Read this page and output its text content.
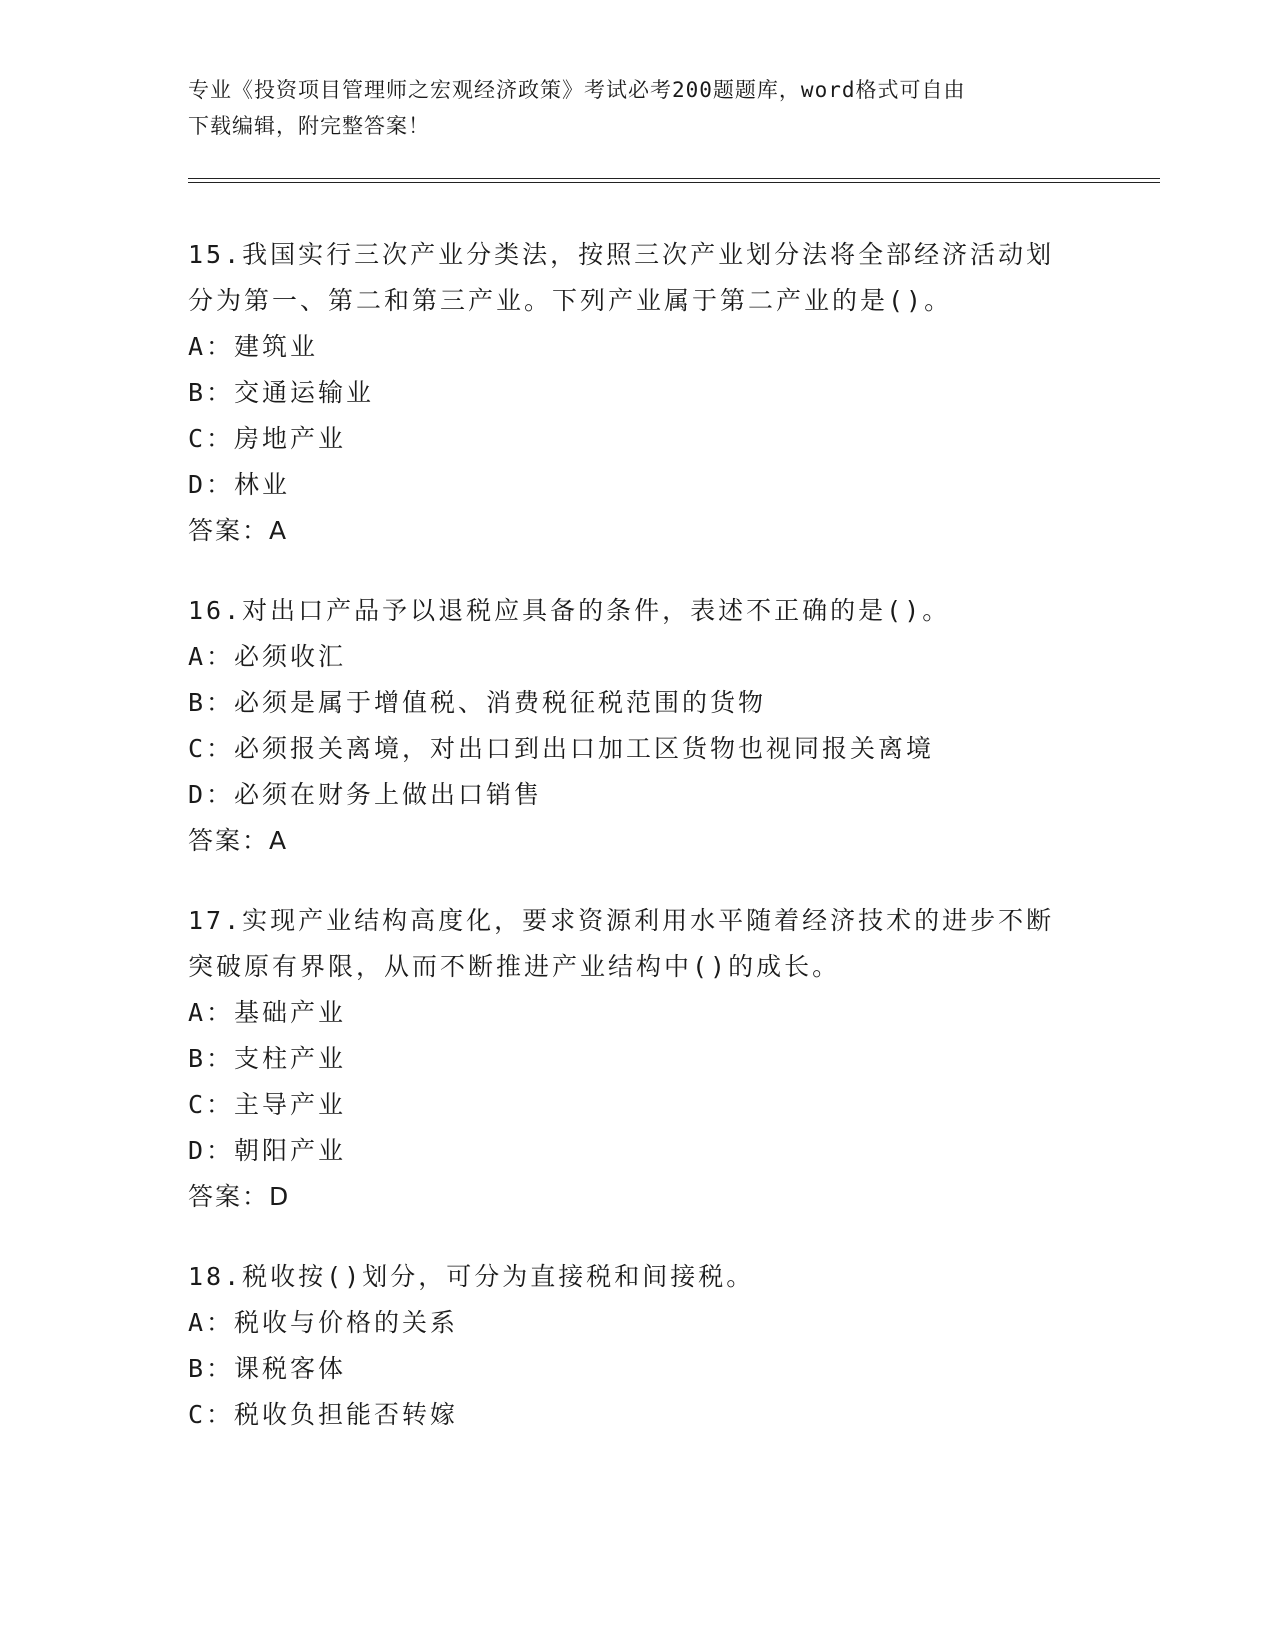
专业《投资项目管理师之宏观经济政策》考试必考200题题库，word格式可自由
下载编辑，附完整答案！
15.我国实行三次产业分类法，按照三次产业划分法将全部经济活动划
分为第一、第二和第三产业。下列产业属于第二产业的是()。
A：建筑业
B：交通运输业
C：房地产业
D：林业
答案：A
16.对出口产品予以退税应具备的条件，表述不正确的是()。
A：必须收汇
B：必须是属于增值税、消费税征税范围的货物
C：必须报关离境，对出口到出口加工区货物也视同报关离境
D：必须在财务上做出口销售
答案：A
17.实现产业结构高度化，要求资源利用水平随着经济技术的进步不断
突破原有界限，从而不断推进产业结构中()的成长。
A：基础产业
B：支柱产业
C：主导产业
D：朝阳产业
答案：D
18.税收按()划分，可分为直接税和间接税。
A：税收与价格的关系
B：课税客体
C：税收负担能否转嫁
